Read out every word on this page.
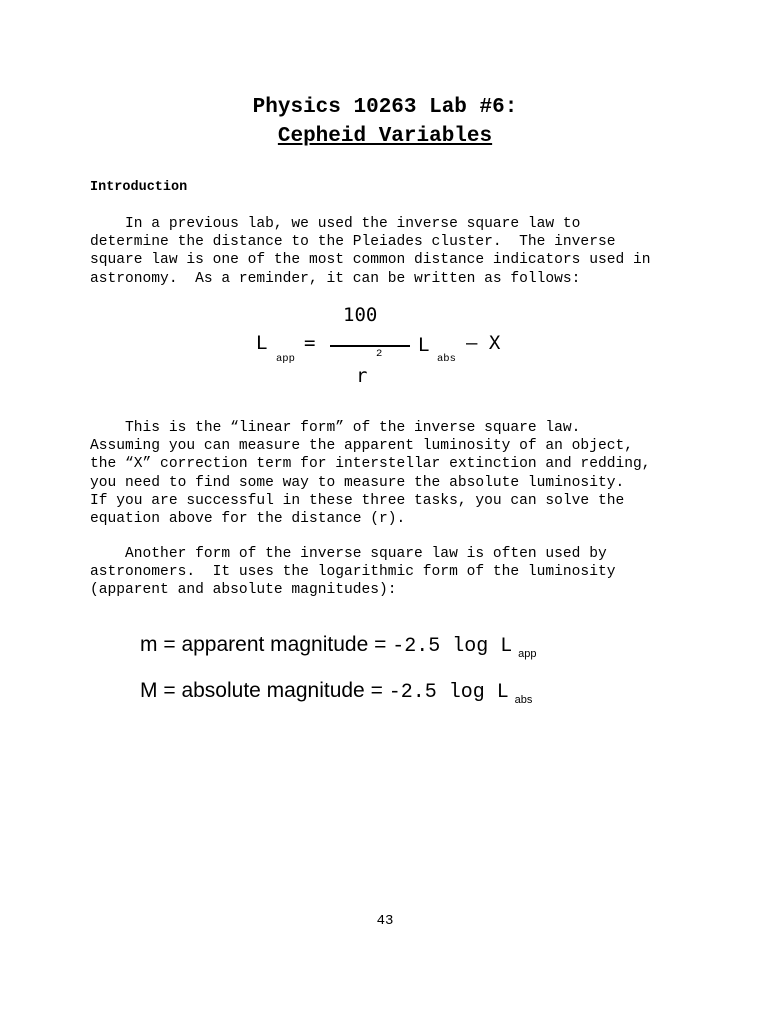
Physics 10263 Lab #6:
Cepheid Variables
Introduction

In a previous lab, we used the inverse square law to
determine the distance to the Pleiades cluster.  The inverse
square law is one of the most common distance indicators used in
astronomy.  As a reminder, it can be written as follows:

L
app
=
100
2
r
L
abs
– X

This is the “linear form” of the inverse square law.
Assuming you can measure the apparent luminosity of an object,
the “X” correction term for interstellar extinction and redding,
you need to find some way to measure the absolute luminosity.
If you are successful in these three tasks, you can solve the
equation above for the distance (r).

Another form of the inverse square law is often used by
astronomers.  It uses the logarithmic form of the luminosity
(apparent and absolute magnitudes):

m = apparent magnitude = -2.5 log L $_{app}$
M = absolute magnitude = -2.5 log L $_{abs}$
43
